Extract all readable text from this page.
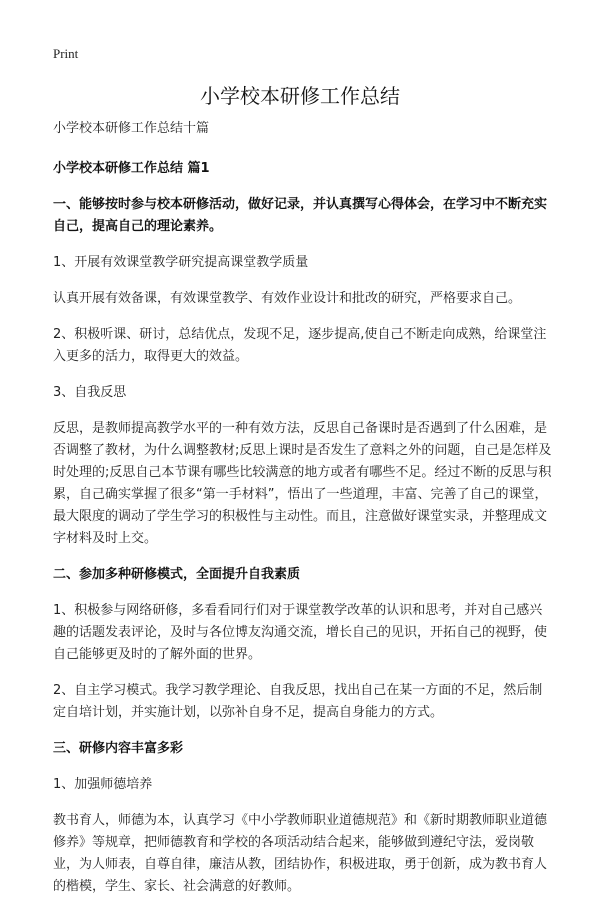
Print
小学校本研修工作总结

小学校本研修工作总结十篇

小学校本研修工作总结 篇1

一、能够按时参与校本研修活动，做好记录，并认真撰写心得体会，在学习中不断充实自己，提高自己的理论素养。

1、开展有效课堂教学研究提高课堂教学质量

认真开展有效备课，有效课堂教学、有效作业设计和批改的研究，严格要求自己。

2、积极听课、研讨，总结优点，发现不足，逐步提高,使自己不断走向成熟，给课堂注入更多的活力，取得更大的效益。

3、自我反思

反思，是教师提高教学水平的一种有效方法，反思自己备课时是否遇到了什么困难，是否调整了教材，为什么调整教材;反思上课时是否发生了意料之外的问题，自己是怎样及时处理的;反思自己本节课有哪些比较满意的地方或者有哪些不足。经过不断的反思与积累，自己确实掌握了很多“第一手材料”，悟出了一些道理，丰富、完善了自己的课堂，最大限度的调动了学生学习的积极性与主动性。而且，注意做好课堂实录，并整理成文字材料及时上交。

二、参加多种研修模式，全面提升自我素质

1、积极参与网络研修，多看看同行们对于课堂教学改革的认识和思考，并对自己感兴趣的话题发表评论，及时与各位博友沟通交流，增长自己的见识，开拓自己的视野，使自己能够更及时的了解外面的世界。

2、自主学习模式。我学习教学理论、自我反思，找出自己在某一方面的不足，然后制定自培计划，并实施计划，以弥补自身不足，提高自身能力的方式。

三、研修内容丰富多彩

1、加强师德培养

教书育人，师德为本，认真学习《中小学教师职业道德规范》和《新时期教师职业道德修养》等规章，把师德教育和学校的各项活动结合起来，能够做到遵纪守法，爱岗敬业，为人师表，自尊自律，廉洁从教，团结协作，积极进取，勇于创新，成为教书育人的楷模，学生、家长、社会满意的好教师。
